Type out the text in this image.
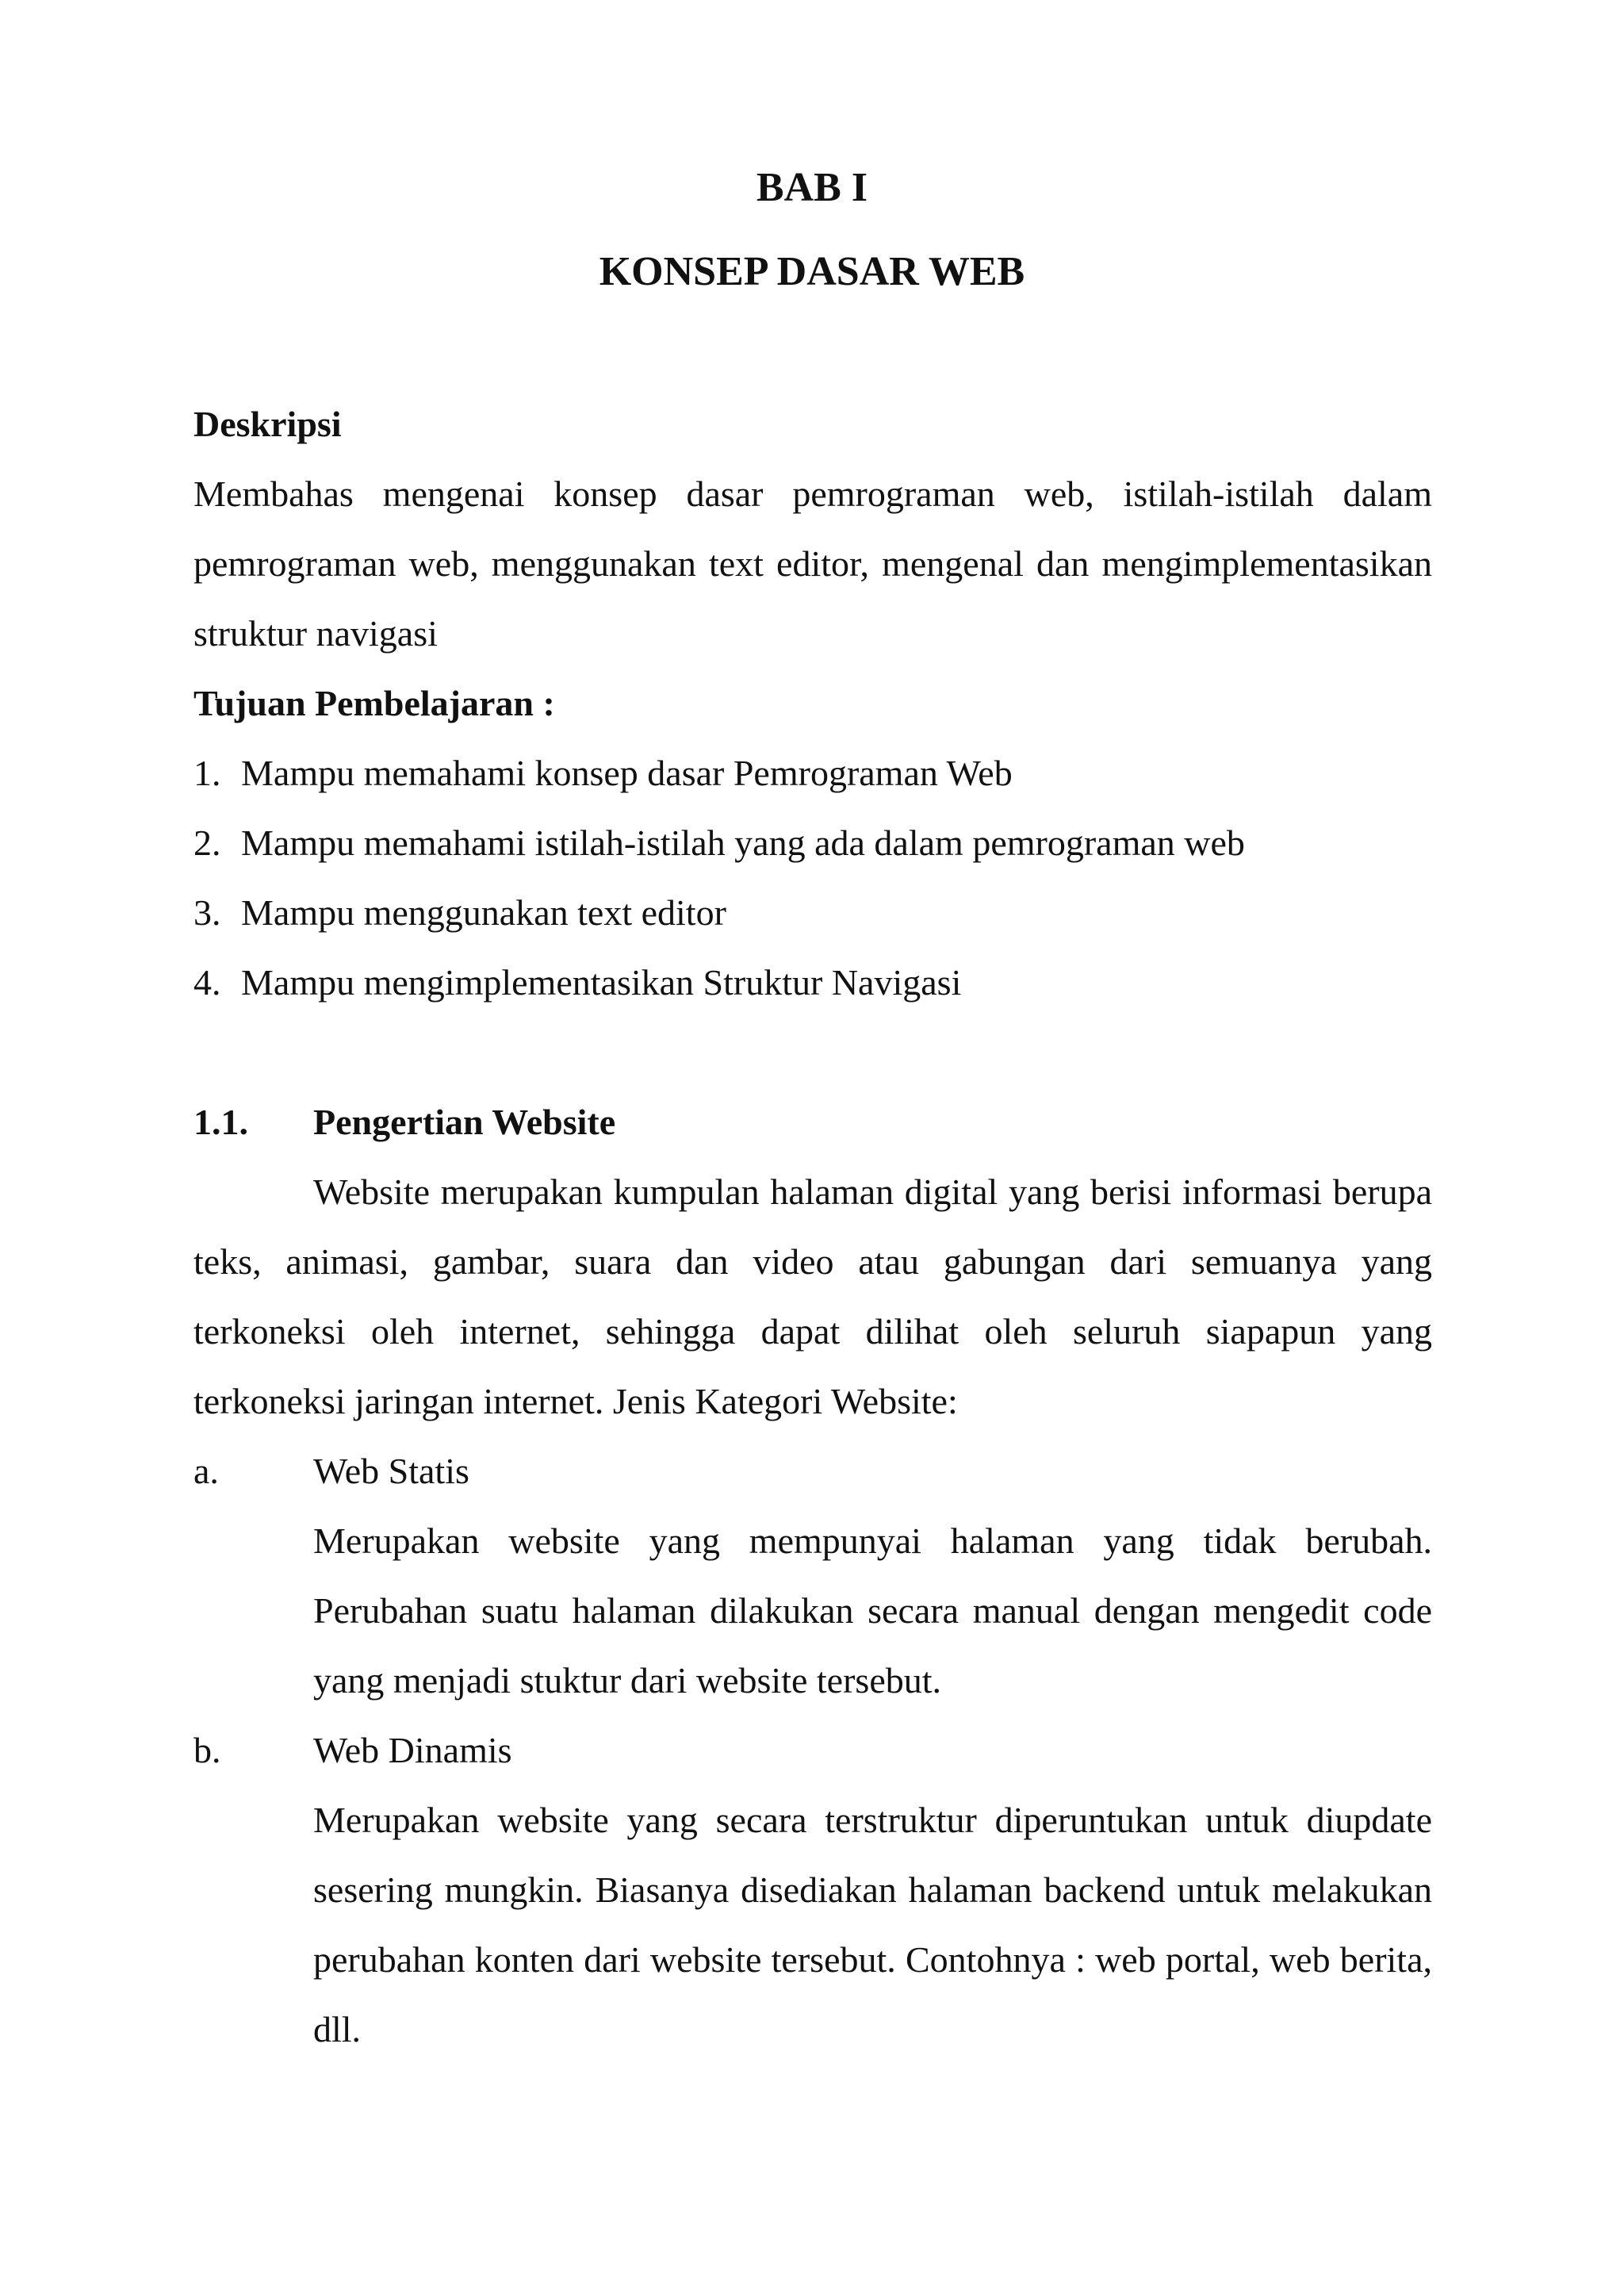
BAB I
KONSEP DASAR WEB
Deskripsi

Membahas mengenai konsep dasar pemrograman web, istilah-istilah dalam pemrograman web, menggunakan text editor, mengenal dan mengimplementasikan struktur navigasi

Tujuan Pembelajaran :
1. Mampu memahami konsep dasar Pemrograman Web
2. Mampu memahami istilah-istilah yang ada dalam pemrograman web
3. Mampu menggunakan text editor
4. Mampu mengimplementasikan Struktur Navigasi
1.1.	Pengertian Website

Website merupakan kumpulan halaman digital yang berisi informasi berupa teks, animasi, gambar, suara dan video atau gabungan dari semuanya yang terkoneksi oleh internet, sehingga dapat dilihat oleh seluruh siapapun yang terkoneksi jaringan internet. Jenis Kategori Website:

a.	Web Statis

Merupakan website yang mempunyai halaman yang tidak berubah. Perubahan suatu halaman dilakukan secara manual dengan mengedit code yang menjadi stuktur dari website tersebut.

b.	Web Dinamis

Merupakan website yang secara terstruktur diperuntukan untuk diupdate sesering mungkin. Biasanya disediakan halaman backend untuk melakukan perubahan konten dari website tersebut. Contohnya : web portal, web berita, dll.
